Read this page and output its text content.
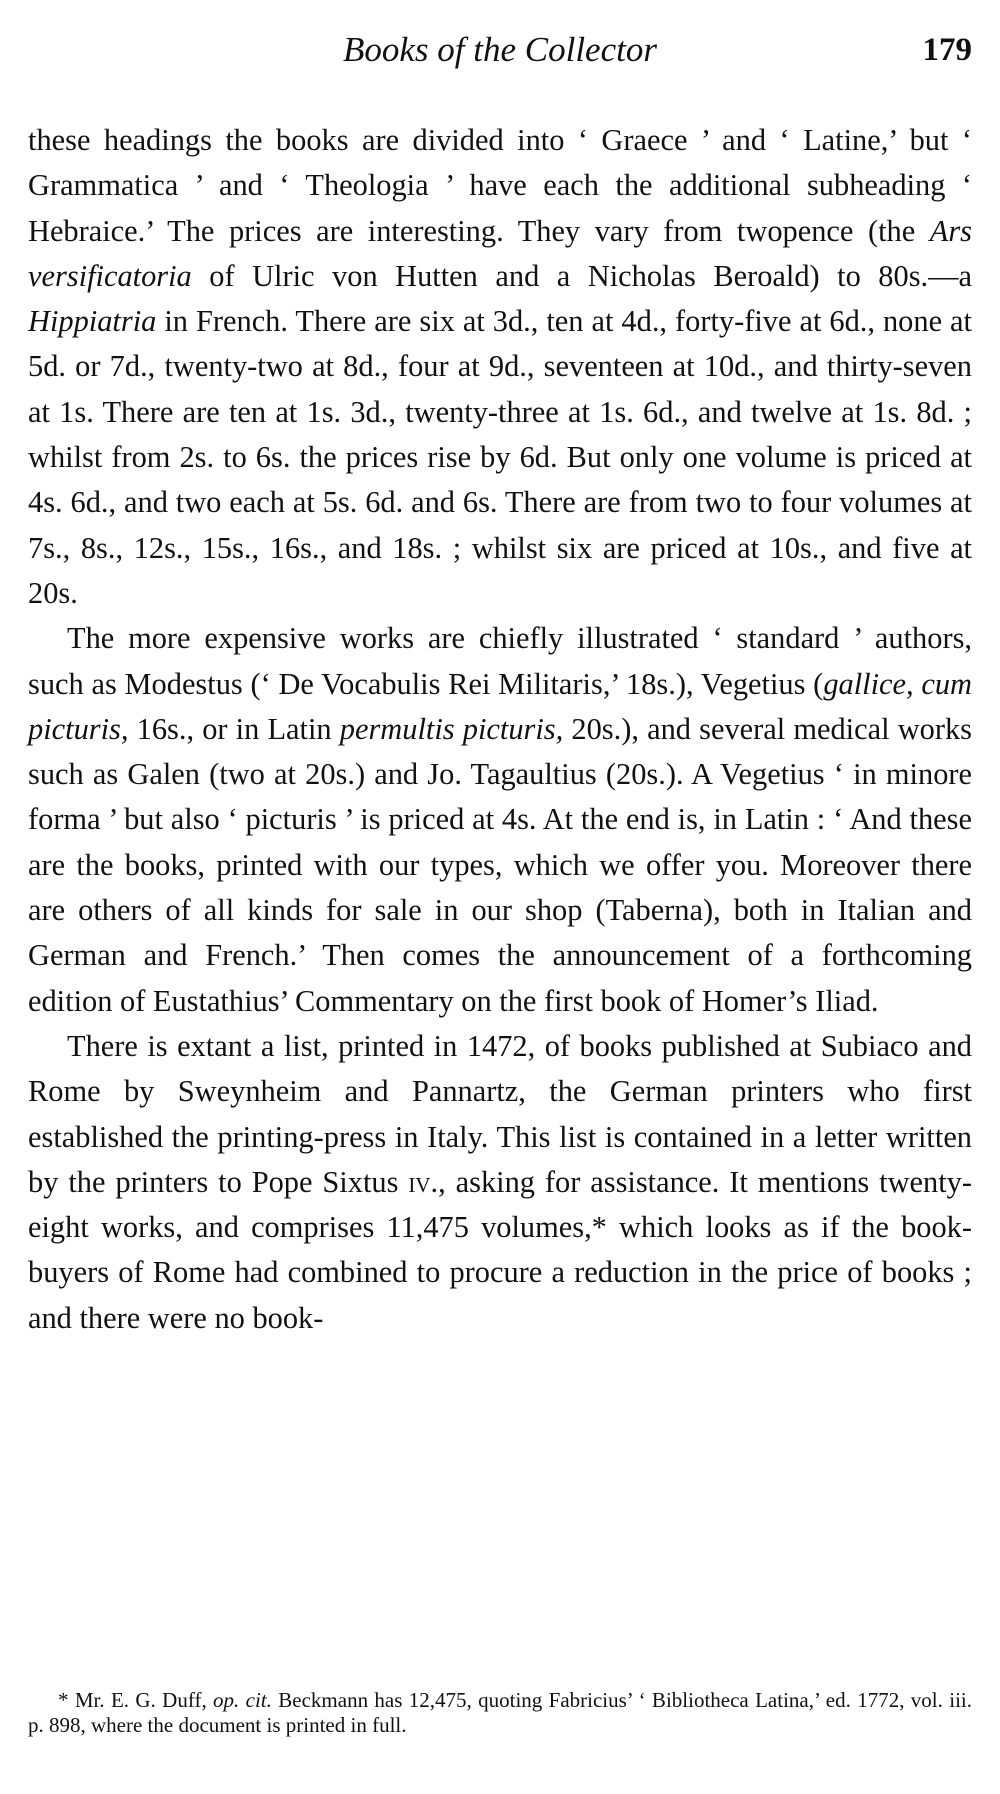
Books of the Collector	179

these headings the books are divided into ‘ Graece ’ and ‘ Latine,’ but ‘ Grammatica ’ and ‘ Theologia ’ have each the additional subheading ‘ Hebraice.’ The prices are interesting. They vary from twopence (the Ars versificatoria of Ulric von Hutten and a Nicholas Beroald) to 80s.—a Hippiatria in French. There are six at 3d., ten at 4d., forty-five at 6d., none at 5d. or 7d., twenty-two at 8d., four at 9d., seventeen at 10d., and thirty-seven at 1s. There are ten at 1s. 3d., twenty-three at 1s. 6d., and twelve at 1s. 8d. ; whilst from 2s. to 6s. the prices rise by 6d. But only one volume is priced at 4s. 6d., and two each at 5s. 6d. and 6s. There are from two to four volumes at 7s., 8s., 12s., 15s., 16s., and 18s. ; whilst six are priced at 10s., and five at 20s.

The more expensive works are chiefly illustrated ‘ standard ’ authors, such as Modestus (‘ De Vocabulis Rei Militaris,’ 18s.), Vegetius (gallice, cum picturis, 16s., or in Latin permultis picturis, 20s.), and several medical works such as Galen (two at 20s.) and Jo. Tagaultius (20s.). A Vegetius ‘ in minore forma ’ but also ‘ picturis ’ is priced at 4s. At the end is, in Latin : ‘ And these are the books, printed with our types, which we offer you. Moreover there are others of all kinds for sale in our shop (Taberna), both in Italian and German and French.’ Then comes the announcement of a forthcoming edition of Eustathius’ Commentary on the first book of Homer’s Iliad.

There is extant a list, printed in 1472, of books published at Subiaco and Rome by Sweynheim and Pannartz, the German printers who first established the printing-press in Italy. This list is contained in a letter written by the printers to Pope Sixtus iv., asking for assistance. It mentions twenty-eight works, and comprises 11,475 volumes,* which looks as if the book-buyers of Rome had combined to procure a reduction in the price of books ; and there were no book-

* Mr. E. G. Duff, op. cit. Beckmann has 12,475, quoting Fabricius’ ‘ Bibliotheca Latina,’ ed. 1772, vol. iii. p. 898, where the document is printed in full.
